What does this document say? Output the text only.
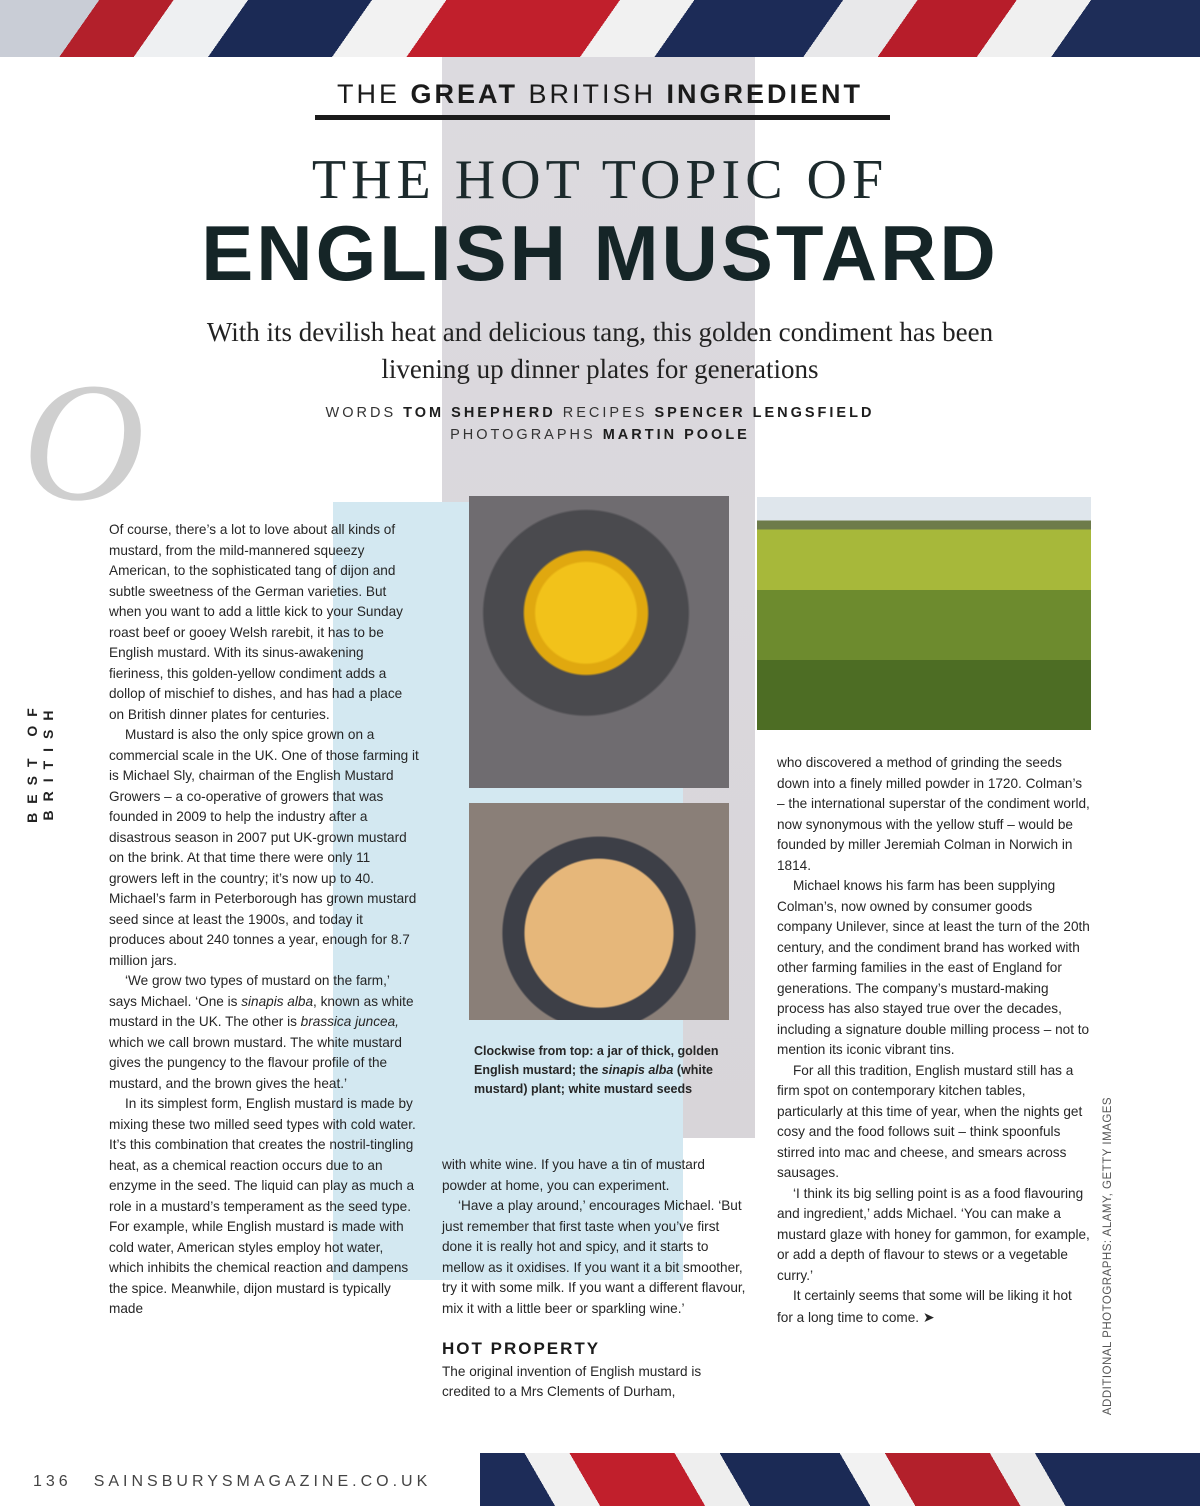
THE GREAT BRITISH INGREDIENT
THE HOT TOPIC OF
ENGLISH MUSTARD
With its devilish heat and delicious tang, this golden condiment has been livening up dinner plates for generations
WORDS TOM SHEPHERD RECIPES SPENCER LENGSFIELD
PHOTOGRAPHS MARTIN POOLE
O
BEST OF BRITISH

Of course, there’s a lot to love about all kinds of mustard, from the mild-mannered squeezy American, to the sophisticated tang of dijon and subtle sweetness of the German varieties. But when you want to add a little kick to your Sunday roast beef or gooey Welsh rarebit, it has to be English mustard. With its sinus-awakening fieriness, this golden-yellow condiment adds a dollop of mischief to dishes, and has had a place on British dinner plates for centuries.

Mustard is also the only spice grown on a commercial scale in the UK. One of those farming it is Michael Sly, chairman of the English Mustard Growers – a co-operative of growers that was founded in 2009 to help the industry after a disastrous season in 2007 put UK-grown mustard on the brink. At that time there were only 11 growers left in the country; it’s now up to 40. Michael’s farm in Peterborough has grown mustard seed since at least the 1900s, and today it produces about 240 tonnes a year, enough for 8.7 million jars.

‘We grow two types of mustard on the farm,’ says Michael. ‘One is sinapis alba, known as white mustard in the UK. The other is brassica juncea, which we call brown mustard. The white mustard gives the pungency to the flavour profile of the mustard, and the brown gives the heat.’

In its simplest form, English mustard is made by mixing these two milled seed types with cold water. It’s this combination that creates the nostril-tingling heat, as a chemical reaction occurs due to an enzyme in the seed. The liquid can play as much a role in a mustard’s temperament as the seed type. For example, while English mustard is made with cold water, American styles employ hot water, which inhibits the chemical reaction and dampens the spice. Meanwhile, dijon mustard is typically made

Clockwise from top: a jar of thick, golden English mustard; the sinapis alba (white mustard) plant; white mustard seeds

with white wine. If you have a tin of mustard powder at home, you can experiment.

‘Have a play around,’ encourages Michael. ‘But just remember that first taste when you’ve first done it is really hot and spicy, and it starts to mellow as it oxidises. If you want it a bit smoother, try it with some milk. If you want a different flavour, mix it with a little beer or sparkling wine.’

HOT PROPERTY

The original invention of English mustard is credited to a Mrs Clements of Durham,

who discovered a method of grinding the seeds down into a finely milled powder in 1720. Colman’s – the international superstar of the condiment world, now synonymous with the yellow stuff – would be founded by miller Jeremiah Colman in Norwich in 1814.

Michael knows his farm has been supplying Colman’s, now owned by consumer goods company Unilever, since at least the turn of the 20th century, and the condiment brand has worked with other farming families in the east of England for generations. The company’s mustard-making process has also stayed true over the decades, including a signature double milling process – not to mention its iconic vibrant tins.

For all this tradition, English mustard still has a firm spot on contemporary kitchen tables, particularly at this time of year, when the nights get cosy and the food follows suit – think spoonfuls stirred into mac and cheese, and smears across sausages.

‘I think its big selling point is as a food flavouring and ingredient,’ adds Michael. ‘You can make a mustard glaze with honey for gammon, for example, or add a depth of flavour to stews or a vegetable curry.’

It certainly seems that some will be liking it hot for a long time to come. ➤	ADDITIONAL PHOTOGRAPHS: ALAMY, GETTY IMAGES
136 SAINSBURYSMAGAZINE.CO.UK
